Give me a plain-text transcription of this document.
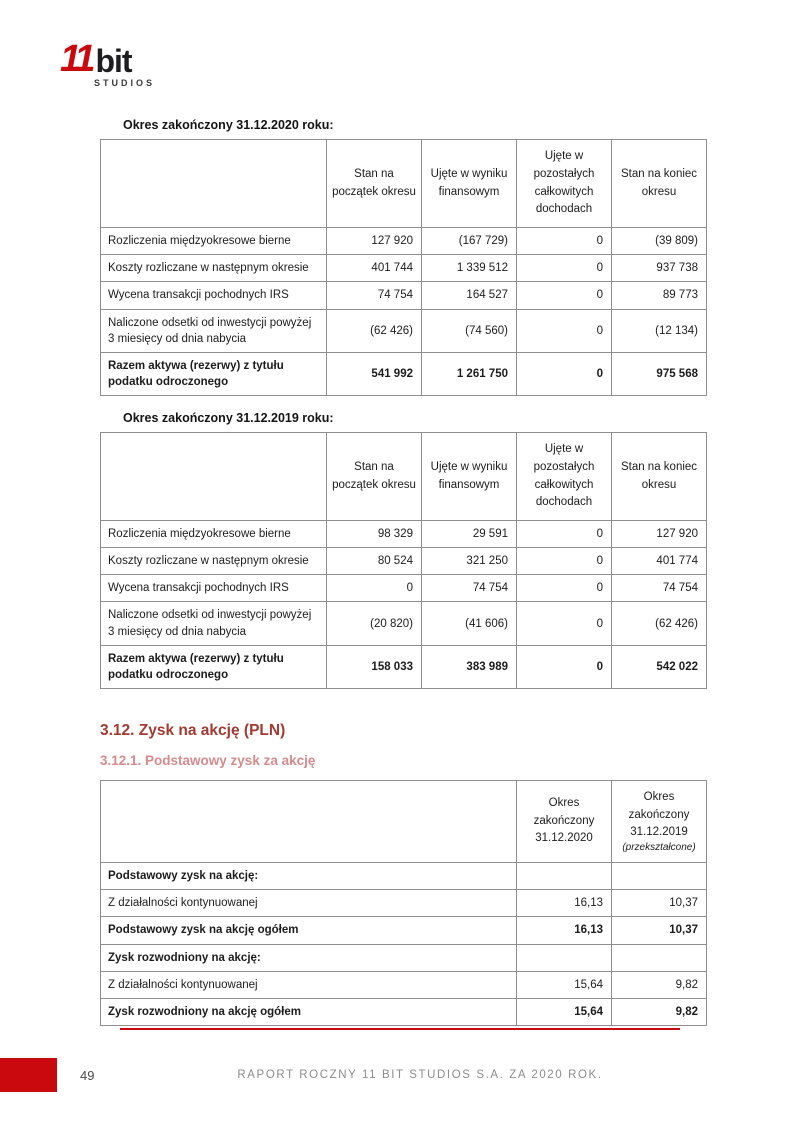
11 bit
STUDIOS
Okres zakończony 31.12.2020 roku:
	Stan na początek okresu	Ujęte w wyniku finansowym	Ujęte w pozostałych całkowitych dochodach	Stan na koniec okresu
Rozliczenia międzyokresowe bierne	127 920	(167 729)	0	(39 809)
Koszty rozliczane w następnym okresie	401 744	1 339 512	0	937 738
Wycena transakcji pochodnych IRS	74 754	164 527	0	89 773
Naliczone odsetki od inwestycji powyżej 3 miesięcy od dnia nabycia	(62 426)	(74 560)	0	(12 134)
Razem aktywa (rezerwy) z tytułu podatku odroczonego	541 992	1 261 750	0	975 568
Okres zakończony 31.12.2019 roku:
	Stan na początek okresu	Ujęte w wyniku finansowym	Ujęte w pozostałych całkowitych dochodach	Stan na koniec okresu
Rozliczenia międzyokresowe bierne	98 329	29 591	0	127 920
Koszty rozliczane w następnym okresie	80 524	321 250	0	401 774
Wycena transakcji pochodnych IRS	0	74 754	0	74 754
Naliczone odsetki od inwestycji powyżej 3 miesięcy od dnia nabycia	(20 820)	(41 606)	0	(62 426)
Razem aktywa (rezerwy) z tytułu podatku odroczonego	158 033	383 989	0	542 022
3.12. Zysk na akcję (PLN)
3.12.1. Podstawowy zysk za akcję

	Okres zakończony 31.12.2020	Okres zakończony 31.12.2019
(przekształcone)

Podstawowy zysk na akcję:		
Z działalności kontynuowanej	16,13	10,37
Podstawowy zysk na akcję ogółem	16,13	10,37
Zysk rozwodniony na akcję:		
Z działalności kontynuowanej	15,64	9,82
Zysk rozwodniony na akcję ogółem	15,64	9,82
49	RAPORT ROCZNY 11 BIT STUDIOS S.A. ZA 2020 ROK.
